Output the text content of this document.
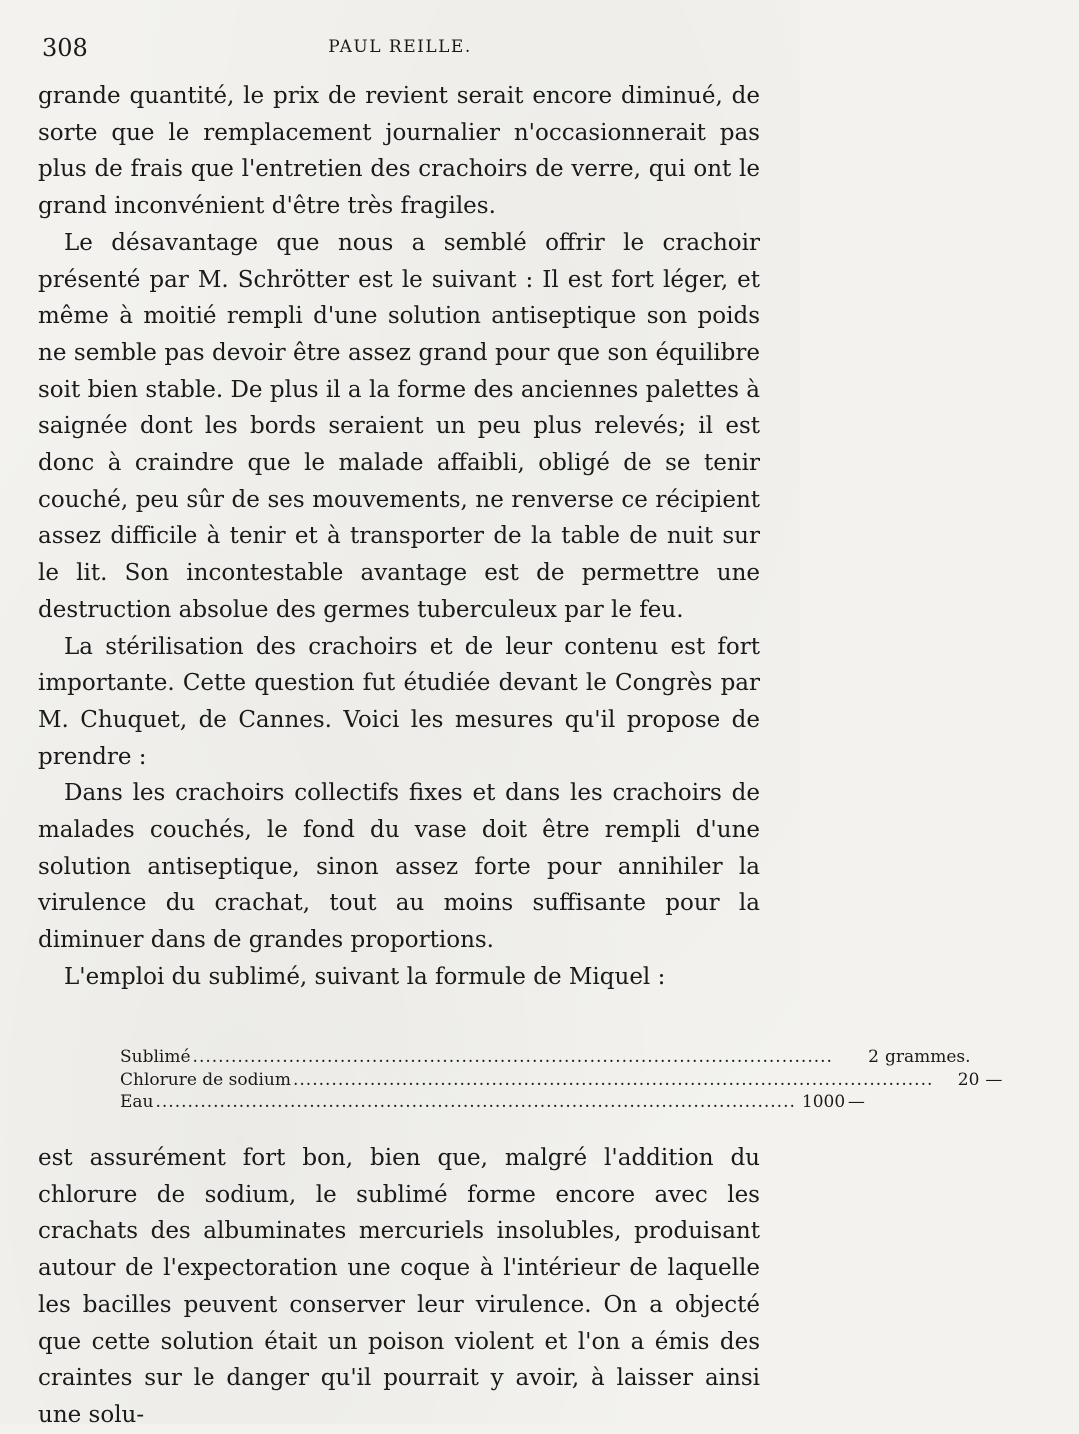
308	PAUL REILLE.

grande quantité, le prix de revient serait encore diminué, de sorte que le remplacement journalier n'occasionnerait pas plus de frais que l'entretien des crachoirs de verre, qui ont le grand inconvénient d'être très fragiles.

Le désavantage que nous a semblé offrir le crachoir présenté par M. Schrötter est le suivant : Il est fort léger, et même à moitié rempli d'une solution antiseptique son poids ne semble pas devoir être assez grand pour que son équilibre soit bien stable. De plus il a la forme des anciennes palettes à saignée dont les bords seraient un peu plus relevés; il est donc à craindre que le malade affaibli, obligé de se tenir couché, peu sûr de ses mouvements, ne renverse ce récipient assez difficile à tenir et à transporter de la table de nuit sur le lit. Son incontestable avantage est de permettre une destruction absolue des germes tuberculeux par le feu.

La stérilisation des crachoirs et de leur contenu est fort importante. Cette question fut étudiée devant le Congrès par M. Chuquet, de Cannes. Voici les mesures qu'il propose de prendre :

Dans les crachoirs collectifs fixes et dans les crachoirs de malades couchés, le fond du vase doit être rempli d'une solution antiseptique, sinon assez forte pour annihiler la virulence du crachat, tout au moins suffisante pour la diminuer dans de grandes proportions.

L'emploi du sublimé, suivant la formule de Miquel :

Sublimé ....................................................................................................	2 grammes.
Chlorure de sodium ....................................................................................................	20 —
Eau .................................................................................................... 1000 —

est assurément fort bon, bien que, malgré l'addition du chlorure de sodium, le sublimé forme encore avec les crachats des albuminates mercuriels insolubles, produisant autour de l'expectoration une coque à l'intérieur de laquelle les bacilles peuvent conserver leur virulence. On a objecté que cette solution était un poison violent et l'on a émis des craintes sur le danger qu'il pourrait y avoir, à laisser ainsi une solu-
